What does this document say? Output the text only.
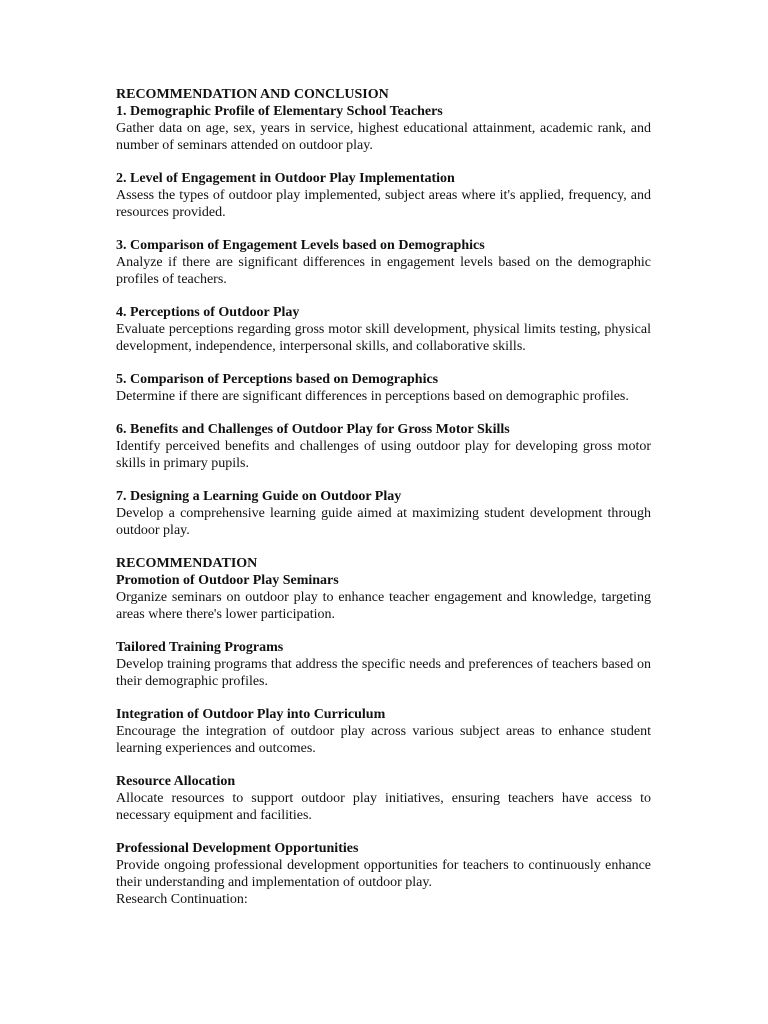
RECOMMENDATION AND CONCLUSION

1. Demographic Profile of Elementary School Teachers

Gather data on age, sex, years in service, highest educational attainment, academic rank, and number of seminars attended on outdoor play.

2. Level of Engagement in Outdoor Play Implementation

Assess the types of outdoor play implemented, subject areas where it's applied, frequency, and resources provided.

3. Comparison of Engagement Levels based on Demographics

Analyze if there are significant differences in engagement levels based on the demographic profiles of teachers.

4. Perceptions of Outdoor Play

Evaluate perceptions regarding gross motor skill development, physical limits testing, physical development, independence, interpersonal skills, and collaborative skills.

5. Comparison of Perceptions based on Demographics

Determine if there are significant differences in perceptions based on demographic profiles.

6. Benefits and Challenges of Outdoor Play for Gross Motor Skills

Identify perceived benefits and challenges of using outdoor play for developing gross motor skills in primary pupils.

7. Designing a Learning Guide on Outdoor Play

Develop a comprehensive learning guide aimed at maximizing student development through outdoor play.

RECOMMENDATION

Promotion of Outdoor Play Seminars

Organize seminars on outdoor play to enhance teacher engagement and knowledge, targeting areas where there's lower participation.

Tailored Training Programs

Develop training programs that address the specific needs and preferences of teachers based on their demographic profiles.

Integration of Outdoor Play into Curriculum

Encourage the integration of outdoor play across various subject areas to enhance student learning experiences and outcomes.

Resource Allocation

Allocate resources to support outdoor play initiatives, ensuring teachers have access to necessary equipment and facilities.

Professional Development Opportunities

Provide ongoing professional development opportunities for teachers to continuously enhance their understanding and implementation of outdoor play.

Research Continuation:
